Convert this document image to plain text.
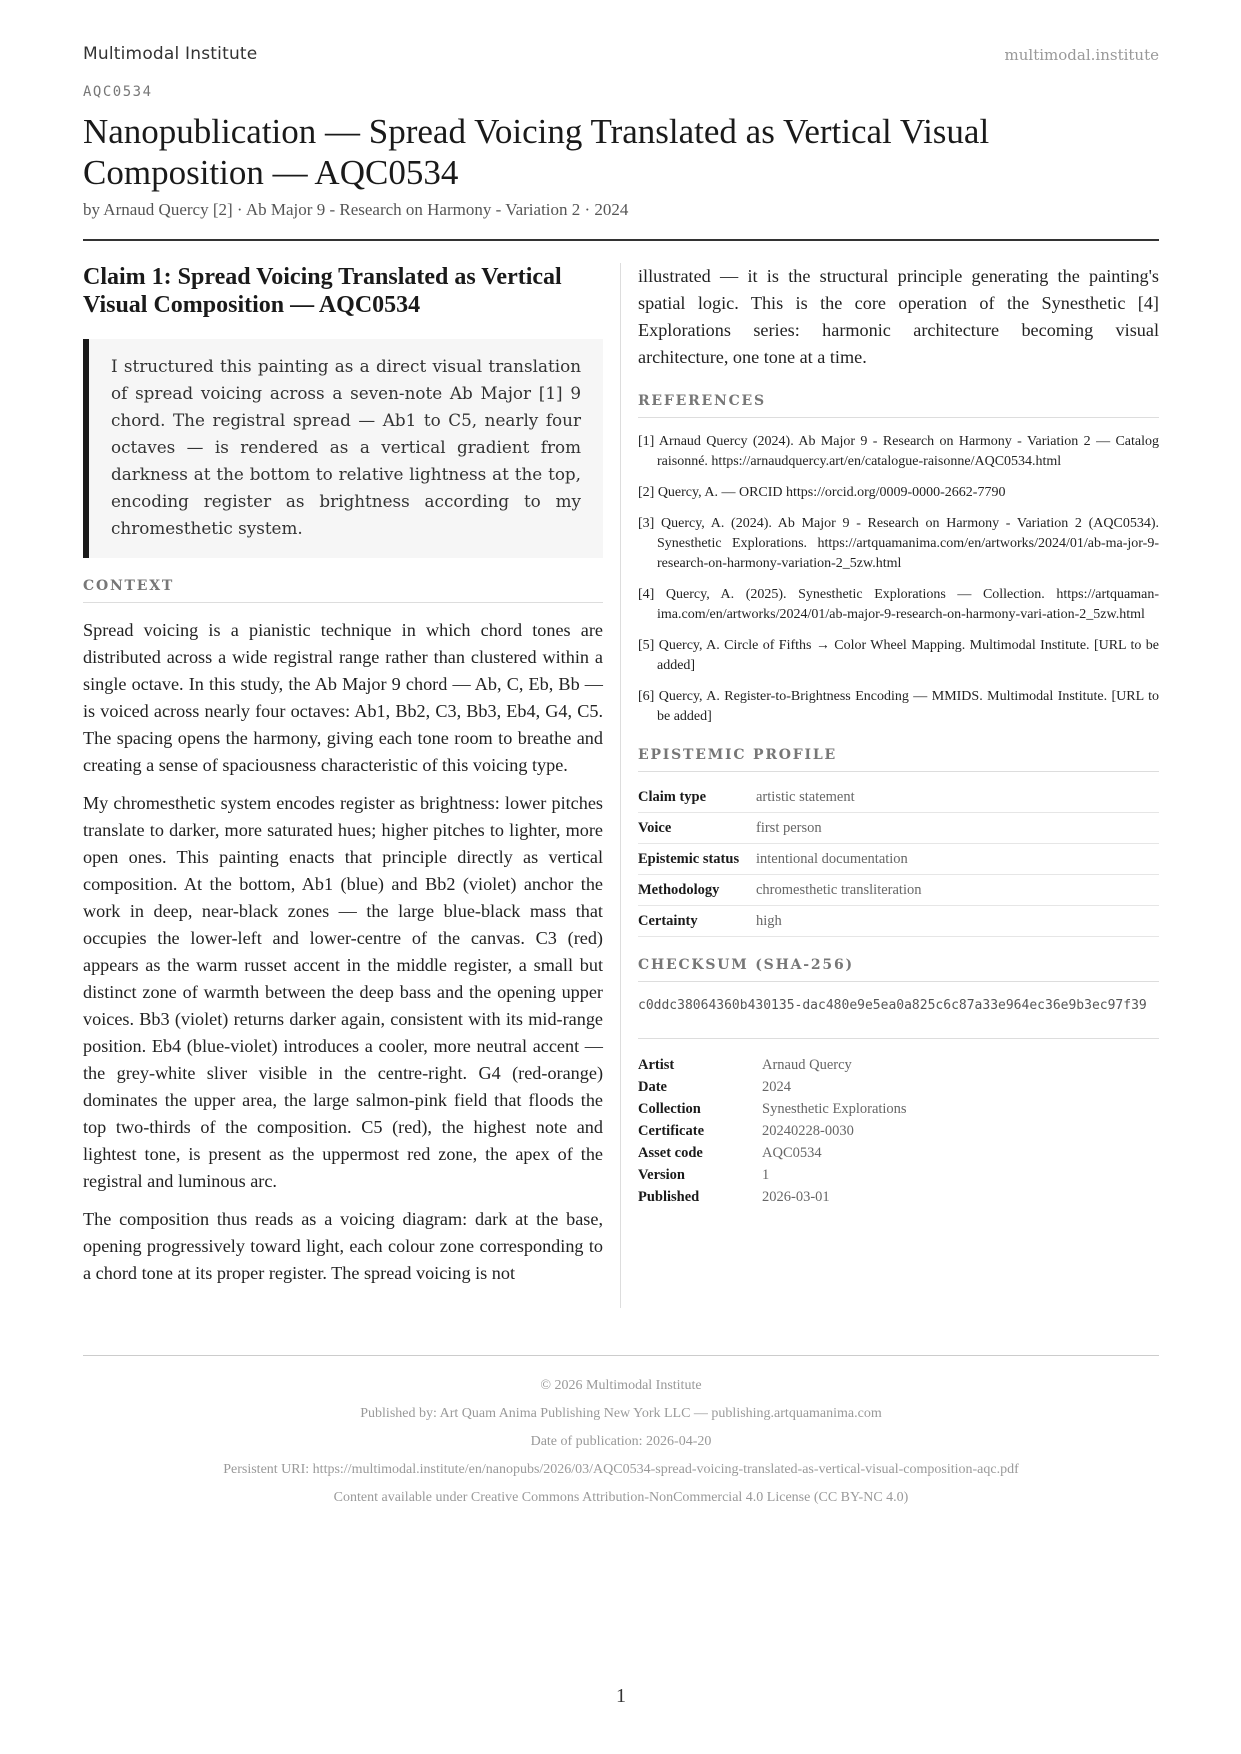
Multimodal Institute	multimodal.institute
AQC0534
Nanopublication — Spread Voicing Translated as Vertical Visual Composition — AQC0534
by Arnaud Quercy [2] · Ab Major 9 - Research on Harmony - Variation 2 · 2024
Claim 1: Spread Voicing Translated as Vertical Visual Composition — AQC0534
I structured this painting as a direct visual translation of spread voicing across a seven-note Ab Major [1] 9 chord. The registral spread — Ab1 to C5, nearly four octaves — is rendered as a vertical gradient from darkness at the bottom to relative lightness at the top, encoding register as brightness according to my chromesthetic system.
CONTEXT

Spread voicing is a pianistic technique in which chord tones are distributed across a wide registral range rather than clustered within a single octave. In this study, the Ab Major 9 chord — Ab, C, Eb, Bb — is voiced across nearly four octaves: Ab1, Bb2, C3, Bb3, Eb4, G4, C5. The spacing opens the harmony, giving each tone room to breathe and creating a sense of spaciousness characteristic of this voicing type.

My chromesthetic system encodes register as brightness: lower pitches translate to darker, more saturated hues; higher pitches to lighter, more open ones. This painting enacts that principle directly as vertical composition. At the bottom, Ab1 (blue) and Bb2 (violet) anchor the work in deep, near-black zones — the large blue-black mass that occupies the lower-left and lower-centre of the canvas. C3 (red) appears as the warm russet accent in the middle register, a small but distinct zone of warmth between the deep bass and the opening upper voices. Bb3 (violet) returns darker again, consistent with its mid-range position. Eb4 (blue-violet) introduces a cooler, more neutral accent — the grey-white sliver visible in the centre-right. G4 (red-orange) dominates the upper area, the large salmon-pink field that floods the top two-thirds of the composition. C5 (red), the highest note and lightest tone, is present as the uppermost red zone, the apex of the registral and luminous arc.

The composition thus reads as a voicing diagram: dark at the base, opening progressively toward light, each colour zone corresponding to a chord tone at its proper register. The spread voicing is not

illustrated — it is the structural principle generating the painting's spatial logic. This is the core operation of the Synesthetic [4] Explorations series: harmonic architecture becoming visual architecture, one tone at a time.

REFERENCES
[1] Arnaud Quercy (2024). Ab Major 9 - Research on Harmony - Variation 2 — Catalog raisonné. https://arnaudquercy.art/en/catalogue-raisonne/AQC0534.html
[2] Quercy, A. — ORCID https://orcid.org/0009-0000-2662-7790
[3] Quercy, A. (2024). Ab Major 9 - Research on Harmony - Variation 2 (AQC0534). Synesthetic Explorations. https://artquamanima.com/en/artworks/2024/01/ab-ma-jor-9-research-on-harmony-variation-2_5zw.html
[4] Quercy, A. (2025). Synesthetic Explorations — Collection. https://artquaman-ima.com/en/artworks/2024/01/ab-major-9-research-on-harmony-vari-ation-2_5zw.html
[5] Quercy, A. Circle of Fifths → Color Wheel Mapping. Multimodal Institute. [URL to be added]
[6] Quercy, A. Register-to-Brightness Encoding — MMIDS. Multimodal Institute. [URL to be added]
EPISTEMIC PROFILE
Claim type	artistic statement
Voice	first person
Epistemic status	intentional documentation
Methodology	chromesthetic transliteration
Certainty	high
CHECKSUM (SHA-256)
c0ddc38064360b430135-dac480e9e5ea0a825c6c87a33e964ec36e9b3ec97f39
Artist	Arnaud Quercy
Date	2024
Collection	Synesthetic Explorations
Certificate	20240228-0030
Asset code	AQC0534
Version	1
Published	2026-03-01
© 2026 Multimodal Institute
Published by: Art Quam Anima Publishing New York LLC — publishing.artquamanima.com
Date of publication: 2026-04-20
Persistent URI: https://multimodal.institute/en/nanopubs/2026/03/AQC0534-spread-voicing-translated-as-vertical-visual-composition-aqc.pdf
Content available under Creative Commons Attribution-NonCommercial 4.0 License (CC BY-NC 4.0)
1
